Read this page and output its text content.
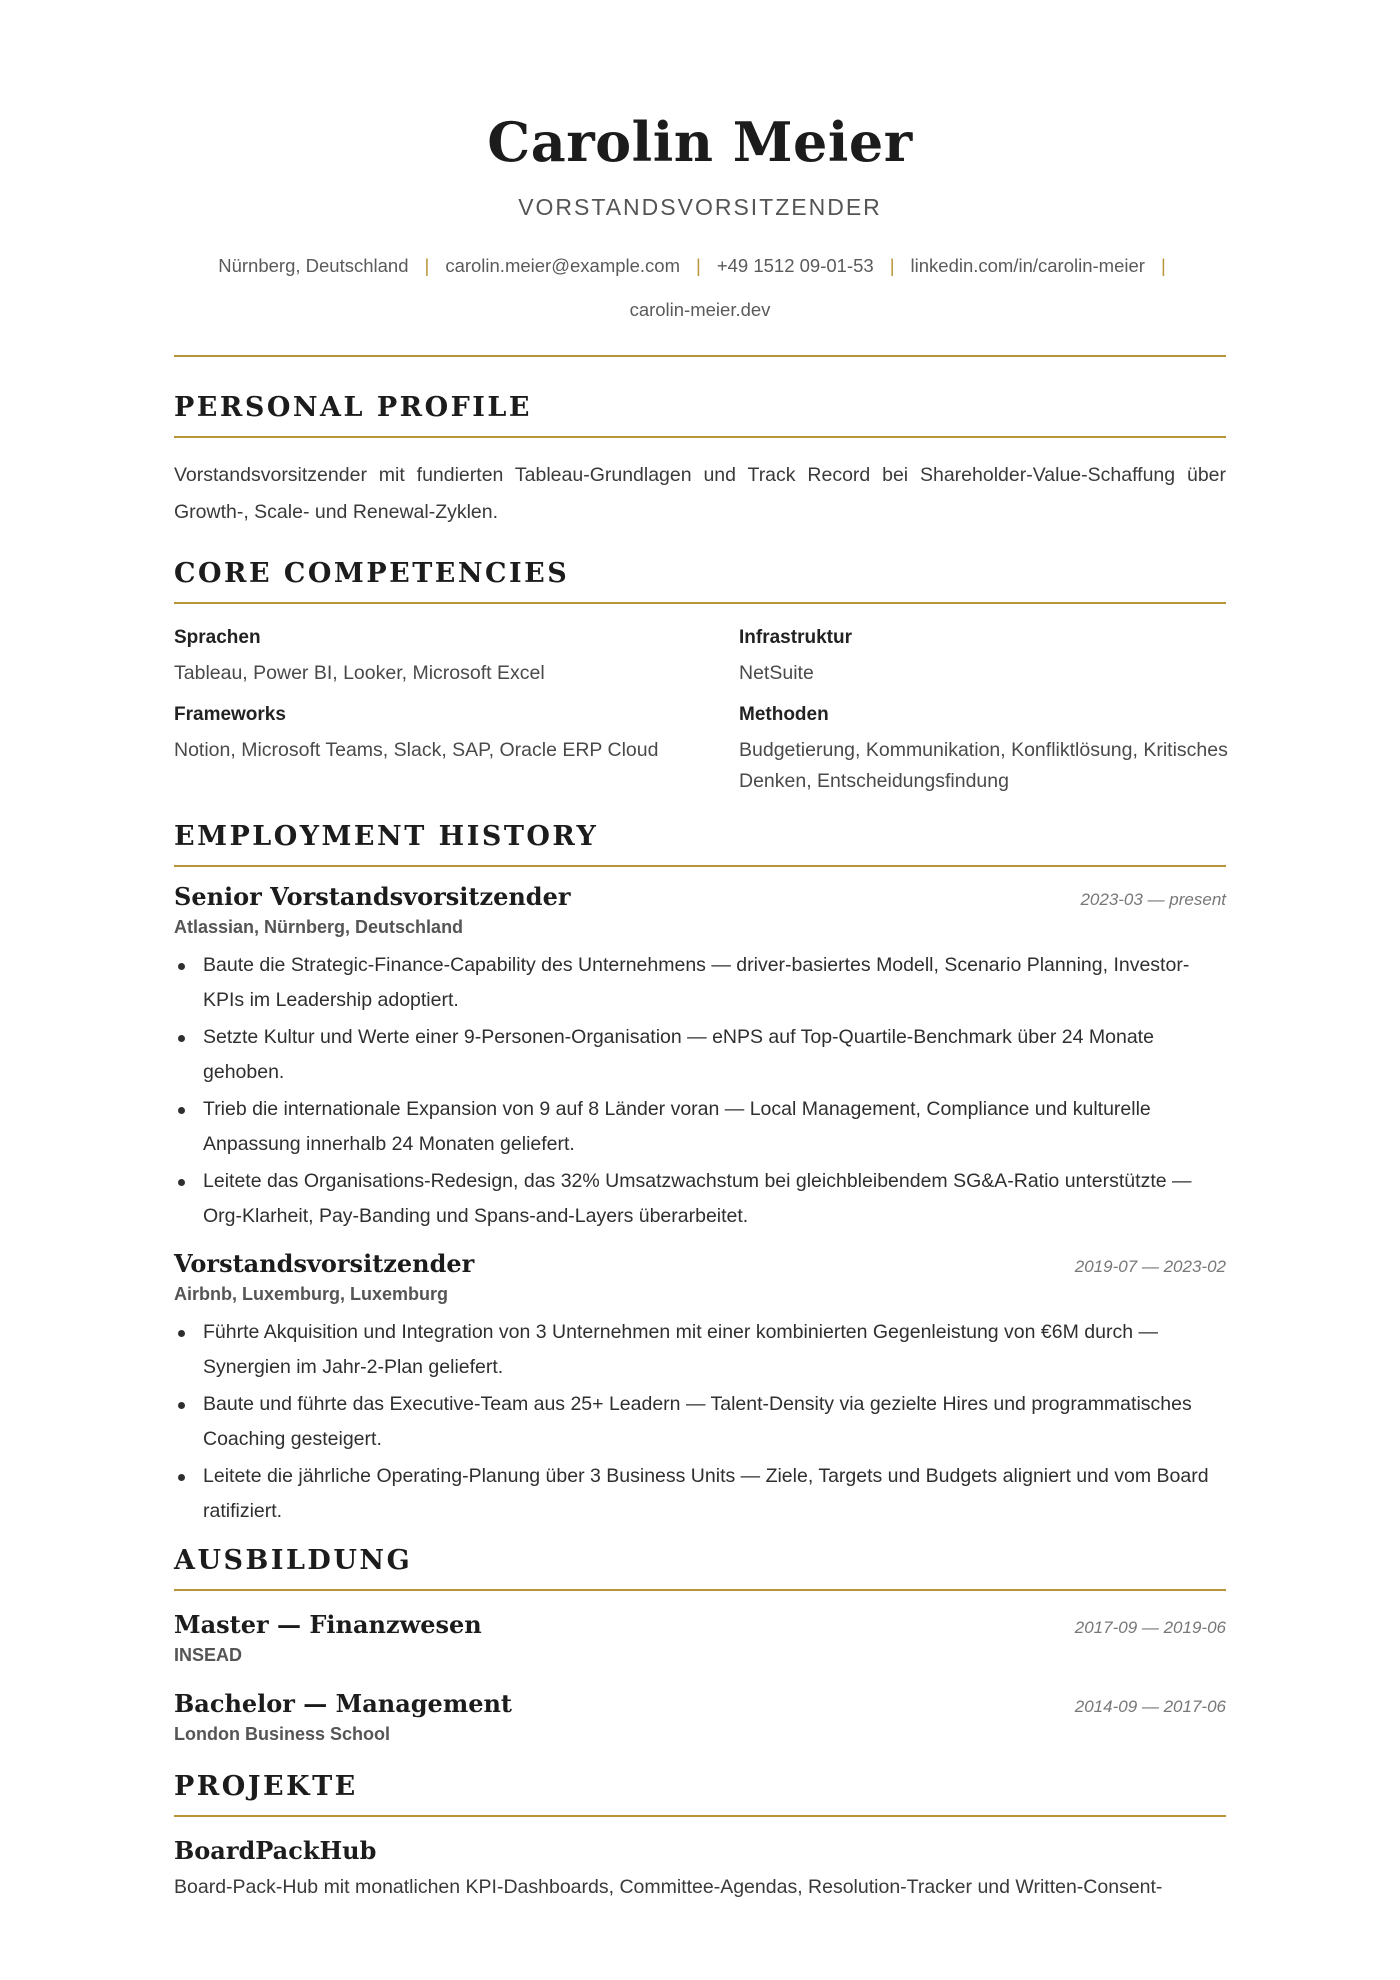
Carolin Meier
VORSTANDSVORSITZENDER
Nürnberg, Deutschland | carolin.meier@example.com | +49 1512 09-01-53 | linkedin.com/in/carolin-meier |
carolin-meier.dev
PERSONAL PROFILE

Vorstandsvorsitzender mit fundierten Tableau-Grundlagen und Track Record bei Shareholder-Value-Schaffung über Growth-, Scale- und Renewal-Zyklen.

CORE COMPETENCIES
Sprachen
Tableau, Power BI, Looker, Microsoft Excel
Infrastruktur
NetSuite
Frameworks
Notion, Microsoft Teams, Slack, SAP, Oracle ERP Cloud
Methoden
Budgetierung, Kommunikation, Konfliktlösung, Kritisches Denken, Entscheidungsfindung
EMPLOYMENT HISTORY
Senior Vorstandsvorsitzender	2023-03 — present
Atlassian, Nürnberg, Deutschland
Baute die Strategic-Finance-Capability des Unternehmens — driver-basiertes Modell, Scenario Planning, Investor-KPIs im Leadership adoptiert.
Setzte Kultur und Werte einer 9-Personen-Organisation — eNPS auf Top-Quartile-Benchmark über 24 Monate gehoben.
Trieb die internationale Expansion von 9 auf 8 Länder voran — Local Management, Compliance und kulturelle Anpassung innerhalb 24 Monaten geliefert.
Leitete das Organisations-Redesign, das 32% Umsatzwachstum bei gleichbleibendem SG&A-Ratio unterstützte — Org-Klarheit, Pay-Banding und Spans-and-Layers überarbeitet.
Vorstandsvorsitzender	2019-07 — 2023-02
Airbnb, Luxemburg, Luxemburg
Führte Akquisition und Integration von 3 Unternehmen mit einer kombinierten Gegenleistung von €6M durch — Synergien im Jahr-2-Plan geliefert.
Baute und führte das Executive-Team aus 25+ Leadern — Talent-Density via gezielte Hires und programmatisches Coaching gesteigert.
Leitete die jährliche Operating-Planung über 3 Business Units — Ziele, Targets und Budgets aligniert und vom Board ratifiziert.
AUSBILDUNG
Master — Finanzwesen	2017-09 — 2019-06
INSEAD
Bachelor — Management	2014-09 — 2017-06
London Business School
PROJEKTE
BoardPackHub
Board-Pack-Hub mit monatlichen KPI-Dashboards, Committee-Agendas, Resolution-Tracker und Written-Consent-
